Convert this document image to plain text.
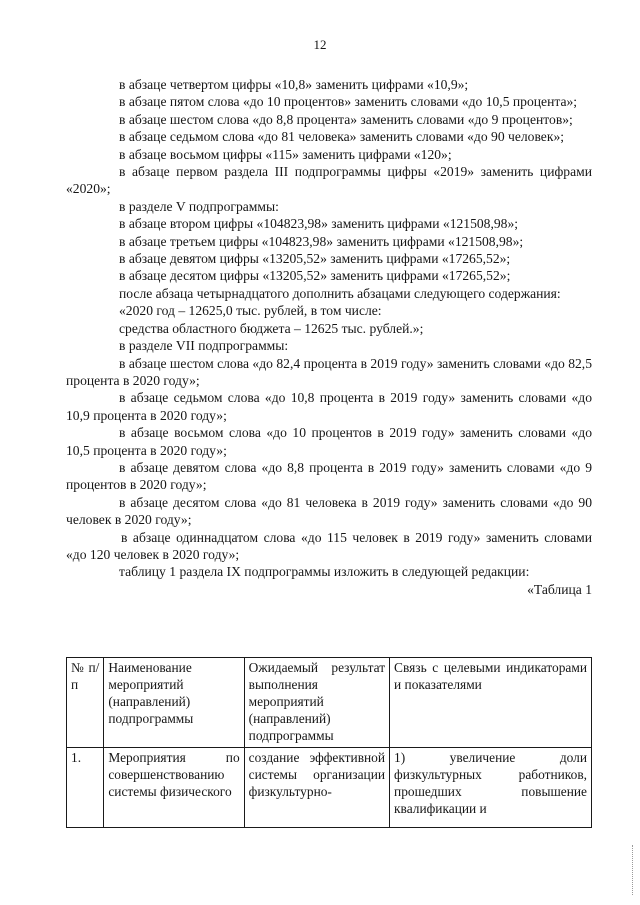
12

в абзаце четвертом цифры «10,8» заменить цифрами «10,9»;

в абзаце пятом слова «до 10 процентов» заменить словами «до 10,5 процента»;

в абзаце шестом слова «до 8,8 процента» заменить словами «до 9 процентов»;

в абзаце седьмом слова «до 81 человека» заменить словами «до 90 человек»;

в абзаце восьмом цифры «115» заменить цифрами «120»;

в абзаце первом раздела III подпрограммы цифры «2019» заменить цифрами «2020»;

в разделе V подпрограммы:

в абзаце втором цифры «104823,98» заменить цифрами «121508,98»;

в абзаце третьем цифры «104823,98» заменить цифрами «121508,98»;

в абзаце девятом цифры «13205,52» заменить цифрами «17265,52»;

в абзаце десятом цифры «13205,52» заменить цифрами «17265,52»;

после абзаца четырнадцатого дополнить абзацами следующего содержания:

«2020 год – 12625,0 тыс. рублей, в том числе:

средства областного бюджета – 12625 тыс. рублей.»;

в разделе VII подпрограммы:

в абзаце шестом слова «до 82,4 процента в 2019 году» заменить словами «до 82,5 процента в 2020 году»;

в абзаце седьмом слова «до 10,8 процента в 2019 году» заменить словами «до 10,9 процента в 2020 году»;

в абзаце восьмом слова «до 10 процентов в 2019 году» заменить словами «до 10,5 процента в 2020 году»;

в абзаце девятом слова «до 8,8 процента в 2019 году» заменить словами «до 9 процентов в 2020 году»;

в абзаце десятом слова «до 81 человека в 2019 году» заменить словами «до 90 человек в 2020 году»;

в абзаце одиннадцатом слова «до 115 человек в 2019 году» заменить словами «до 120 человек в 2020 году»;

таблицу 1 раздела IX подпрограммы изложить в следующей редакции:

«Таблица 1

№ п/п	Наименование мероприятий (направлений) подпрограммы	Ожидаемый результат выполнения мероприятий (направлений) подпрограммы	Связь с целевыми индикаторами и показателями
1.	Мероприятия по совершенствованию системы физического	создание эффективной системы организации физкультурно-	1) увеличение доли физкультурных работников, прошедших повышение квалификации и
